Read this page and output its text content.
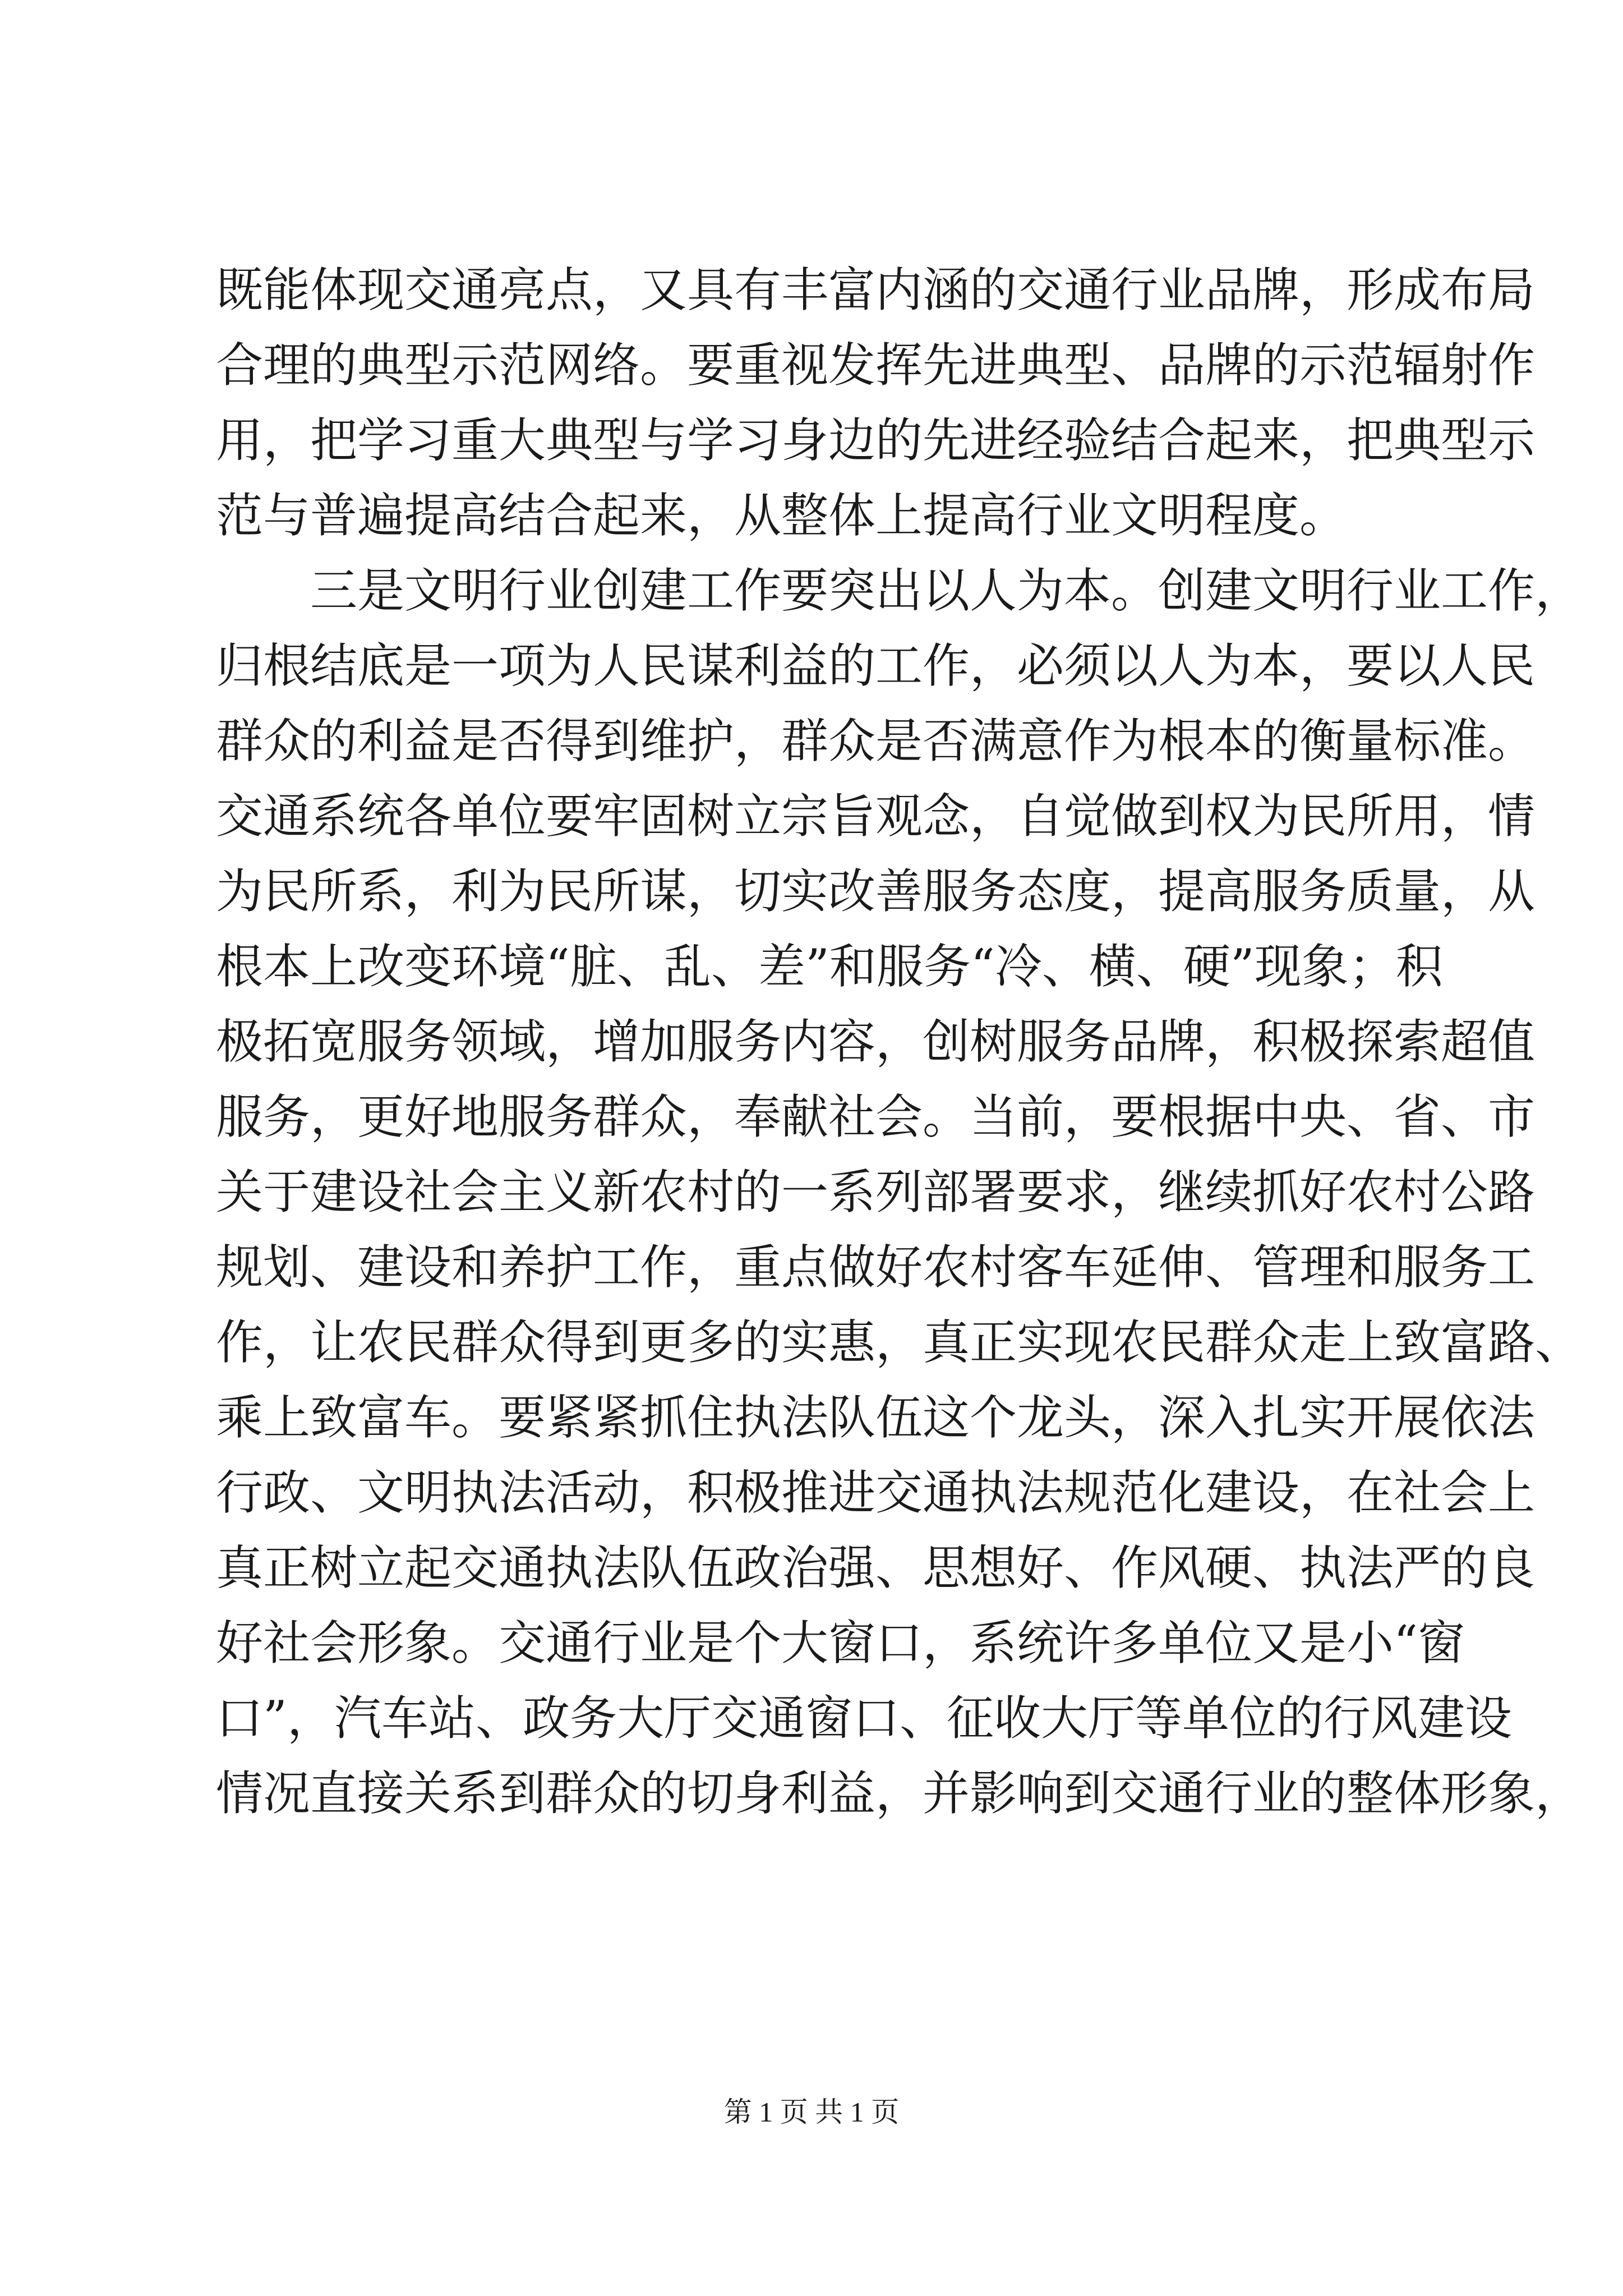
既能体现交通亮点，又具有丰富内涵的交通行业品牌，形成布局
合理的典型示范网络。要重视发挥先进典型、品牌的示范辐射作
用，把学习重大典型与学习身边的先进经验结合起来，把典型示
范与普遍提高结合起来，从整体上提高行业文明程度。
三是文明行业创建工作要突出以人为本。创建文明行业工作，
归根结底是一项为人民谋利益的工作，必须以人为本，要以人民
群众的利益是否得到维护，群众是否满意作为根本的衡量标准。
交通系统各单位要牢固树立宗旨观念，自觉做到权为民所用，情
为民所系，利为民所谋，切实改善服务态度，提高服务质量，从
根本上改变环境“脏、乱、差”和服务“冷、横、硬”现象；积
极拓宽服务领域，增加服务内容，创树服务品牌，积极探索超值
服务，更好地服务群众，奉献社会。当前，要根据中央、省、市
关于建设社会主义新农村的一系列部署要求，继续抓好农村公路
规划、建设和养护工作，重点做好农村客车延伸、管理和服务工
作，让农民群众得到更多的实惠，真正实现农民群众走上致富路、
乘上致富车。要紧紧抓住执法队伍这个龙头，深入扎实开展依法
行政、文明执法活动，积极推进交通执法规范化建设，在社会上
真正树立起交通执法队伍政治强、思想好、作风硬、执法严的良
好社会形象。交通行业是个大窗口，系统许多单位又是小“窗
口”，汽车站、政务大厅交通窗口、征收大厅等单位的行风建设
情况直接关系到群众的切身利益，并影响到交通行业的整体形象，
第 1 页 共 1 页
